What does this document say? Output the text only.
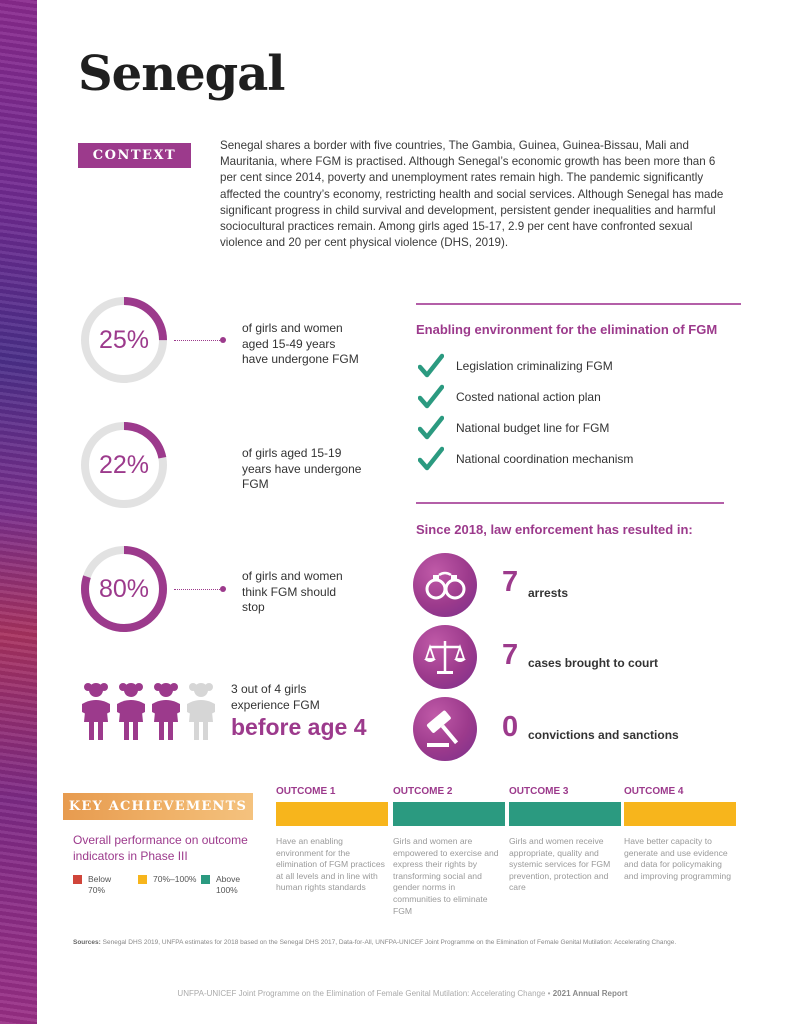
Senegal
CONTEXT

Senegal shares a border with five countries, The Gambia, Guinea, Guinea-Bissau, Mali and Mauritania, where FGM is practised. Although Senegal’s economic growth has been more than 6 per cent since 2014, poverty and unemployment rates remain high. The pandemic significantly affected the country’s economy, restricting health and social services. Although Senegal has made significant progress in child survival and development, persistent gender inequalities and harmful sociocultural practices remain. Among girls aged 15-17, 2.9 per cent have confronted sexual violence and 20 per cent physical violence (DHS, 2019).

25%	of girls and women aged 15-49 years have undergone FGM
22%	of girls aged 15-19 years have undergone FGM
80%	of girls and women think FGM should stop
3 out of 4 girls experience FGM
before age 4
Enabling environment for the elimination of FGM
Legislation criminalizing FGM
Costed national action plan
National budget line for FGM
National coordination mechanism
Since 2018, law enforcement has resulted in:
7 arrests
7 cases brought to court
0 convictions and sanctions
KEY ACHIEVEMENTS
Overall performance on outcome indicators in Phase III
Below 70%
70%–100% Above 100%
OUTCOME 1
Have an enabling environment for the elimination of FGM practices at all levels and in line with human rights standards
OUTCOME 2
Girls and women are empowered to exercise and express their rights by transforming social and gender norms in communities to eliminate FGM
OUTCOME 3
Girls and women receive appropriate, quality and systemic services for FGM prevention, protection and care
OUTCOME 4
Have better capacity to generate and use evidence and data for policymaking and improving programming
Sources: Senegal DHS 2019, UNFPA estimates for 2018 based on the Senegal DHS 2017, Data-for-All, UNFPA-UNICEF Joint Programme on the Elimination of Female Genital Mutilation: Accelerating Change.
UNFPA-UNICEF Joint Programme on the Elimination of Female Genital Mutilation: Accelerating Change • 2021 Annual Report
